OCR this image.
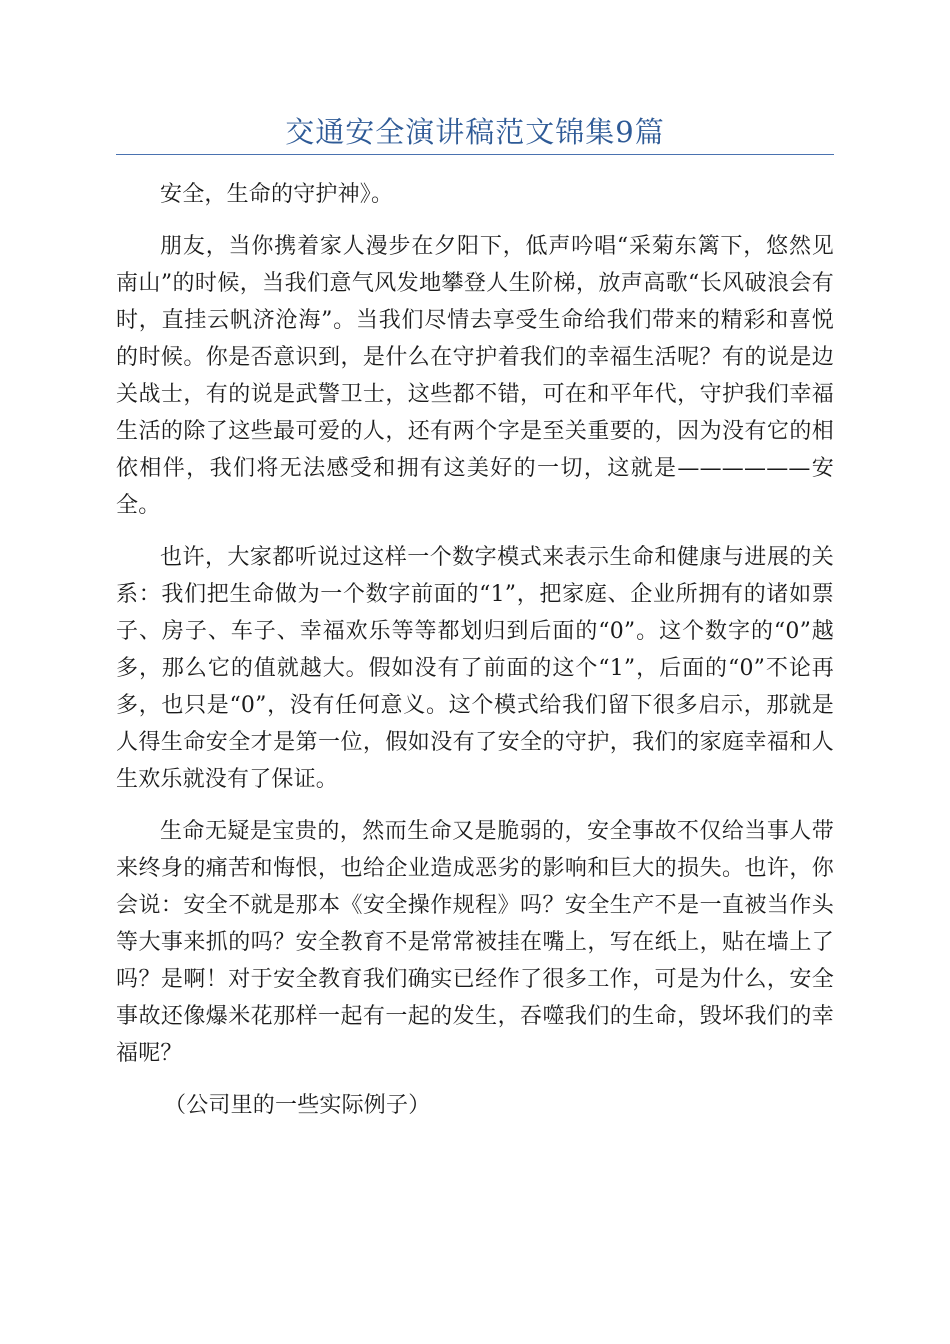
交通安全演讲稿范文锦集9篇

安全，生命的守护神》。

朋友，当你携着家人漫步在夕阳下，低声吟唱“采菊东篱下，悠然见南山”的时候，当我们意气风发地攀登人生阶梯，放声高歌“长风破浪会有时，直挂云帆济沧海”。当我们尽情去享受生命给我们带来的精彩和喜悦的时候。你是否意识到，是什么在守护着我们的幸福生活呢？有的说是边关战士，有的说是武警卫士，这些都不错，可在和平年代，守护我们幸福生活的除了这些最可爱的人，还有两个字是至关重要的，因为没有它的相依相伴，我们将无法感受和拥有这美好的一切，这就是——————安全。

也许，大家都听说过这样一个数字模式来表示生命和健康与进展的关系：我们把生命做为一个数字前面的“1”，把家庭、企业所拥有的诸如票子、房子、车子、幸福欢乐等等都划归到后面的“0”。这个数字的“0”越多，那么它的值就越大。假如没有了前面的这个“1”，后面的“0”不论再多，也只是“0”，没有任何意义。这个模式给我们留下很多启示，那就是人得生命安全才是第一位，假如没有了安全的守护，我们的家庭幸福和人生欢乐就没有了保证。

生命无疑是宝贵的，然而生命又是脆弱的，安全事故不仅给当事人带来终身的痛苦和悔恨，也给企业造成恶劣的影响和巨大的损失。也许，你会说：安全不就是那本《安全操作规程》吗？安全生产不是一直被当作头等大事来抓的吗？安全教育不是常常被挂在嘴上，写在纸上，贴在墙上了吗？是啊！对于安全教育我们确实已经作了很多工作，可是为什么，安全事故还像爆米花那样一起有一起的发生，吞噬我们的生命，毁坏我们的幸福呢？

（公司里的一些实际例子）
